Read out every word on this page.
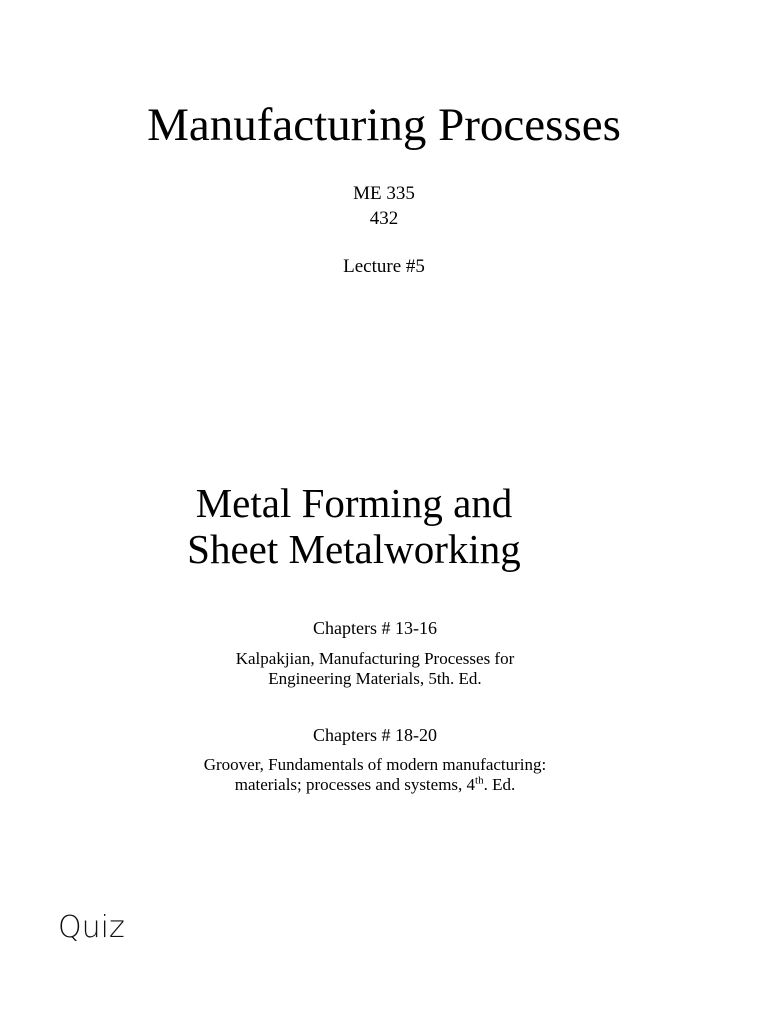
Manufacturing Processes
ME 335
432
Lecture #5
Metal Forming and
Sheet Metalworking
Chapters # 13-16
Kalpakjian, Manufacturing Processes for
Engineering Materials, 5th. Ed.
Chapters # 18-20
Groover, Fundamentals of modern manufacturing:
materials; processes and systems, 4th. Ed.
Quiz
